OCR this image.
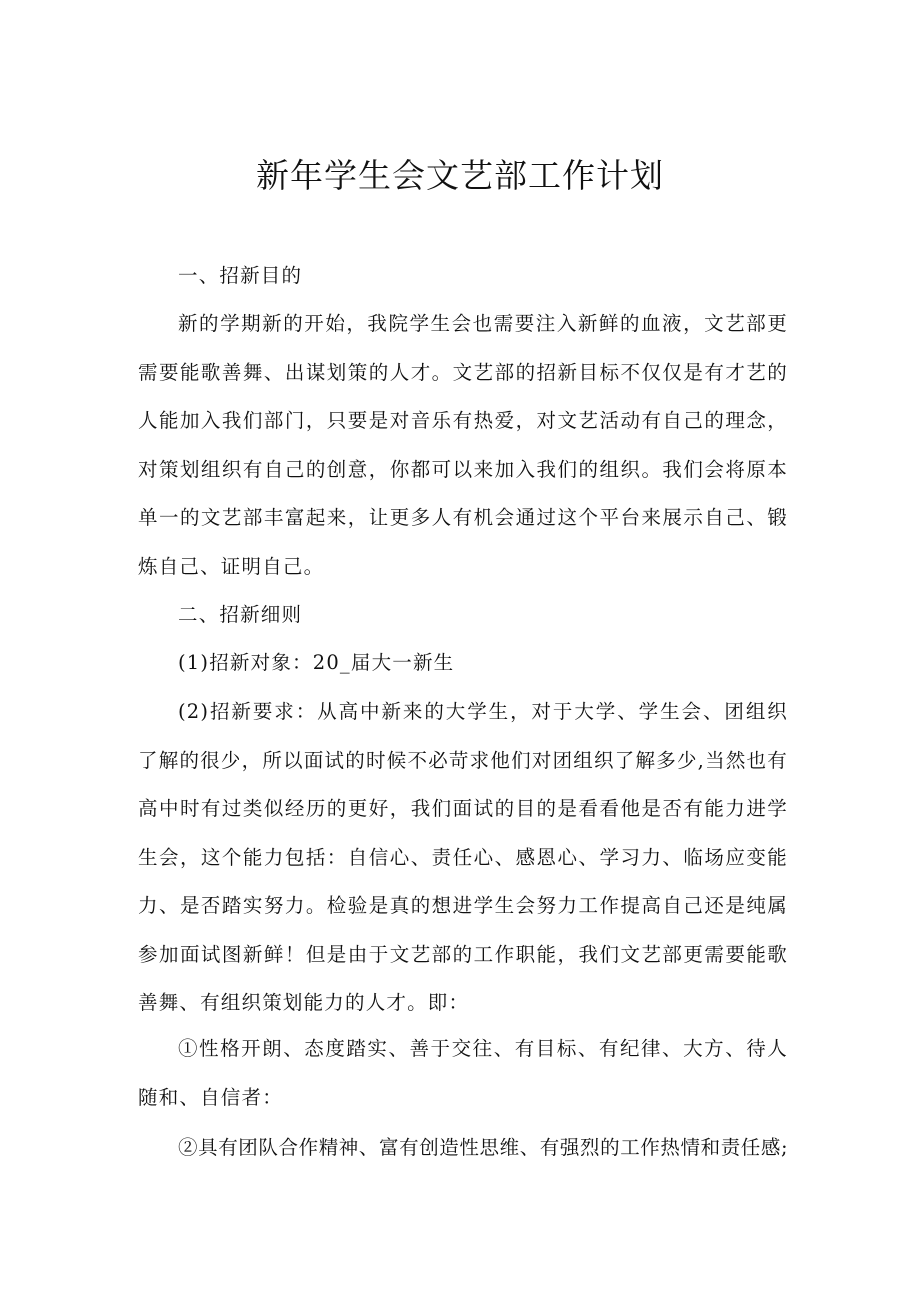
新年学生会文艺部工作计划

一、招新目的

新的学期新的开始，我院学生会也需要注入新鲜的血液，文艺部更需要能歌善舞、出谋划策的人才。文艺部的招新目标不仅仅是有才艺的人能加入我们部门，只要是对音乐有热爱，对文艺活动有自己的理念，对策划组织有自己的创意，你都可以来加入我们的组织。我们会将原本单一的文艺部丰富起来，让更多人有机会通过这个平台来展示自己、锻炼自己、证明自己。

二、招新细则

(1)招新对象：20_届大一新生

(2)招新要求：从高中新来的大学生，对于大学、学生会、团组织了解的很少，所以面试的时候不必苛求他们对团组织了解多少,当然也有高中时有过类似经历的更好，我们面试的目的是看看他是否有能力进学生会，这个能力包括：自信心、责任心、感恩心、学习力、临场应变能力、是否踏实努力。检验是真的想进学生会努力工作提高自己还是纯属参加面试图新鲜！但是由于文艺部的工作职能，我们文艺部更需要能歌善舞、有组织策划能力的人才。即：

①性格开朗、态度踏实、善于交往、有目标、有纪律、大方、待人随和、自信者：

②具有团队合作精神、富有创造性思维、有强烈的工作热情和责任感;
